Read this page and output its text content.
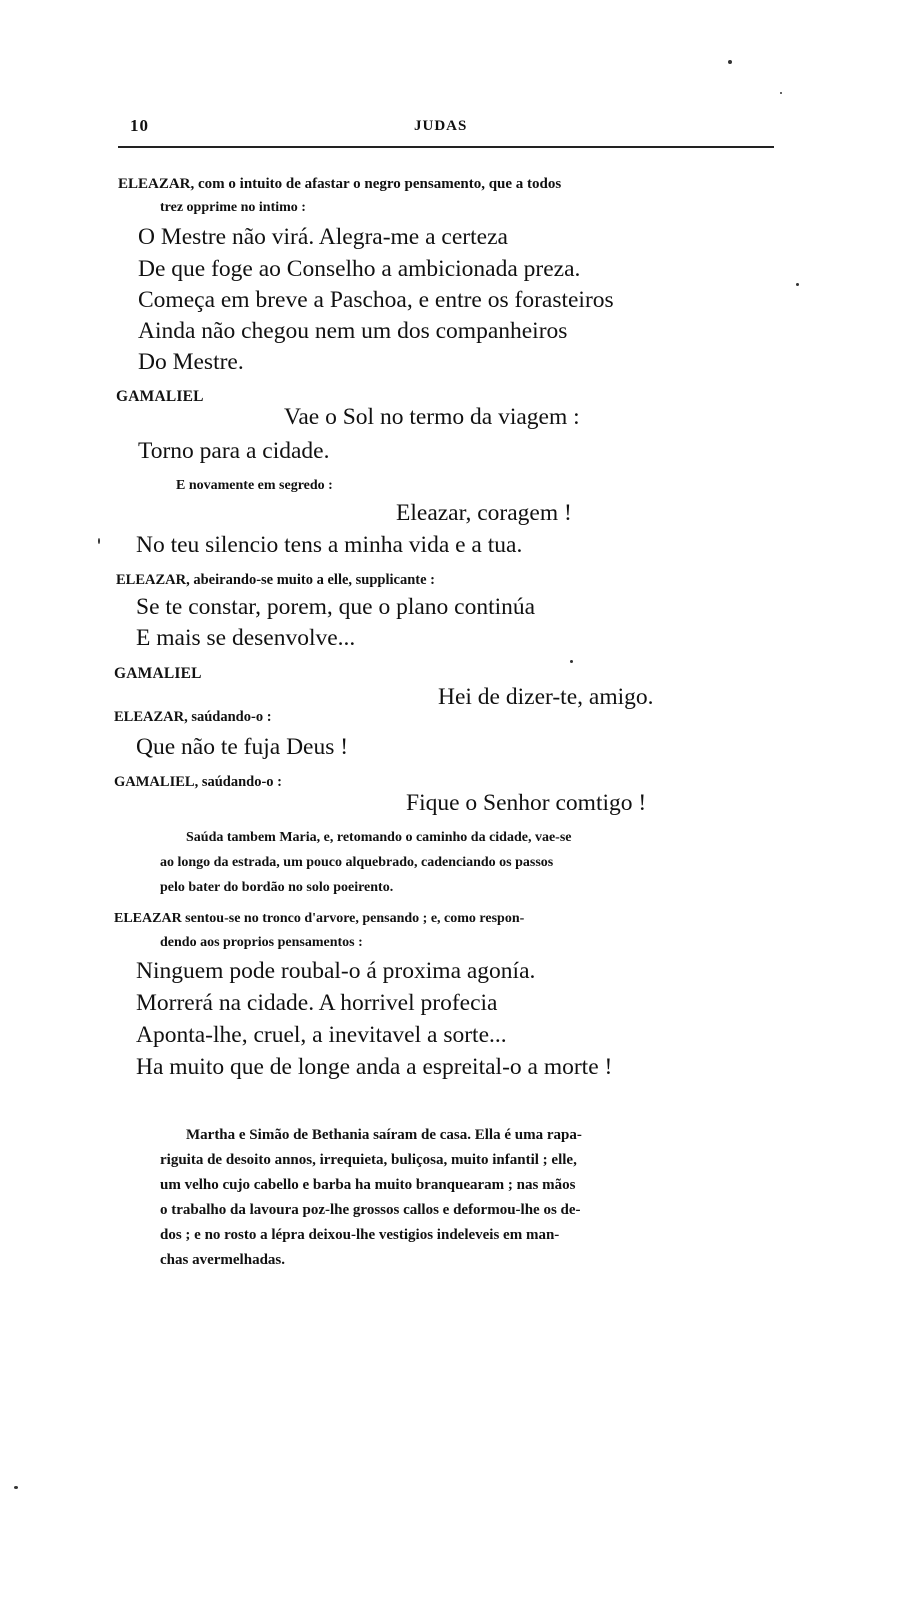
10	JUDAS
ELEAZAR, com o intuito de afastar o negro pensamento, que a todos
trez opprime no intimo :
O Mestre não virá. Alegra-me a certeza
De que foge ao Conselho a ambicionada preza.
Começa em breve a Paschoa, e entre os forasteiros
Ainda não chegou nem um dos companheiros
Do Mestre.
GAMALIEL
Vae o Sol no termo da viagem :
Torno para a cidade.
E novamente em segredo :
Eleazar, coragem !
No teu silencio tens a minha vida e a tua.
ELEAZAR, abeirando-se muito a elle, supplicante :
Se te constar, porem, que o plano continúa
E mais se desenvolve...
GAMALIEL
Hei de dizer-te, amigo.
ELEAZAR, saúdando-o :
Que não te fuja Deus !
GAMALIEL, saúdando-o :
Fique o Senhor comtigo !
Saúda tambem Maria, e, retomando o caminho da cidade, vae-se
ao longo da estrada, um pouco alquebrado, cadenciando os passos
pelo bater do bordão no solo poeirento.
ELEAZAR sentou-se no tronco d'arvore, pensando ; e, como respon-
dendo aos proprios pensamentos :
Ninguem pode roubal-o á proxima agonía.
Morrerá na cidade. A horrivel profecia
Aponta-lhe, cruel, a inevitavel a sorte...
Ha muito que de longe anda a espreital-o a morte !
Martha e Simão de Bethania saíram de casa. Ella é uma rapa-
riguita de desoito annos, irrequieta, buliçosa, muito infantil ; elle,
um velho cujo cabello e barba ha muito branquearam ; nas mãos
o trabalho da lavoura poz-lhe grossos callos e deformou-lhe os de-
dos ; e no rosto a lépra deixou-lhe vestigios indeleveis em man-
chas avermelhadas.
